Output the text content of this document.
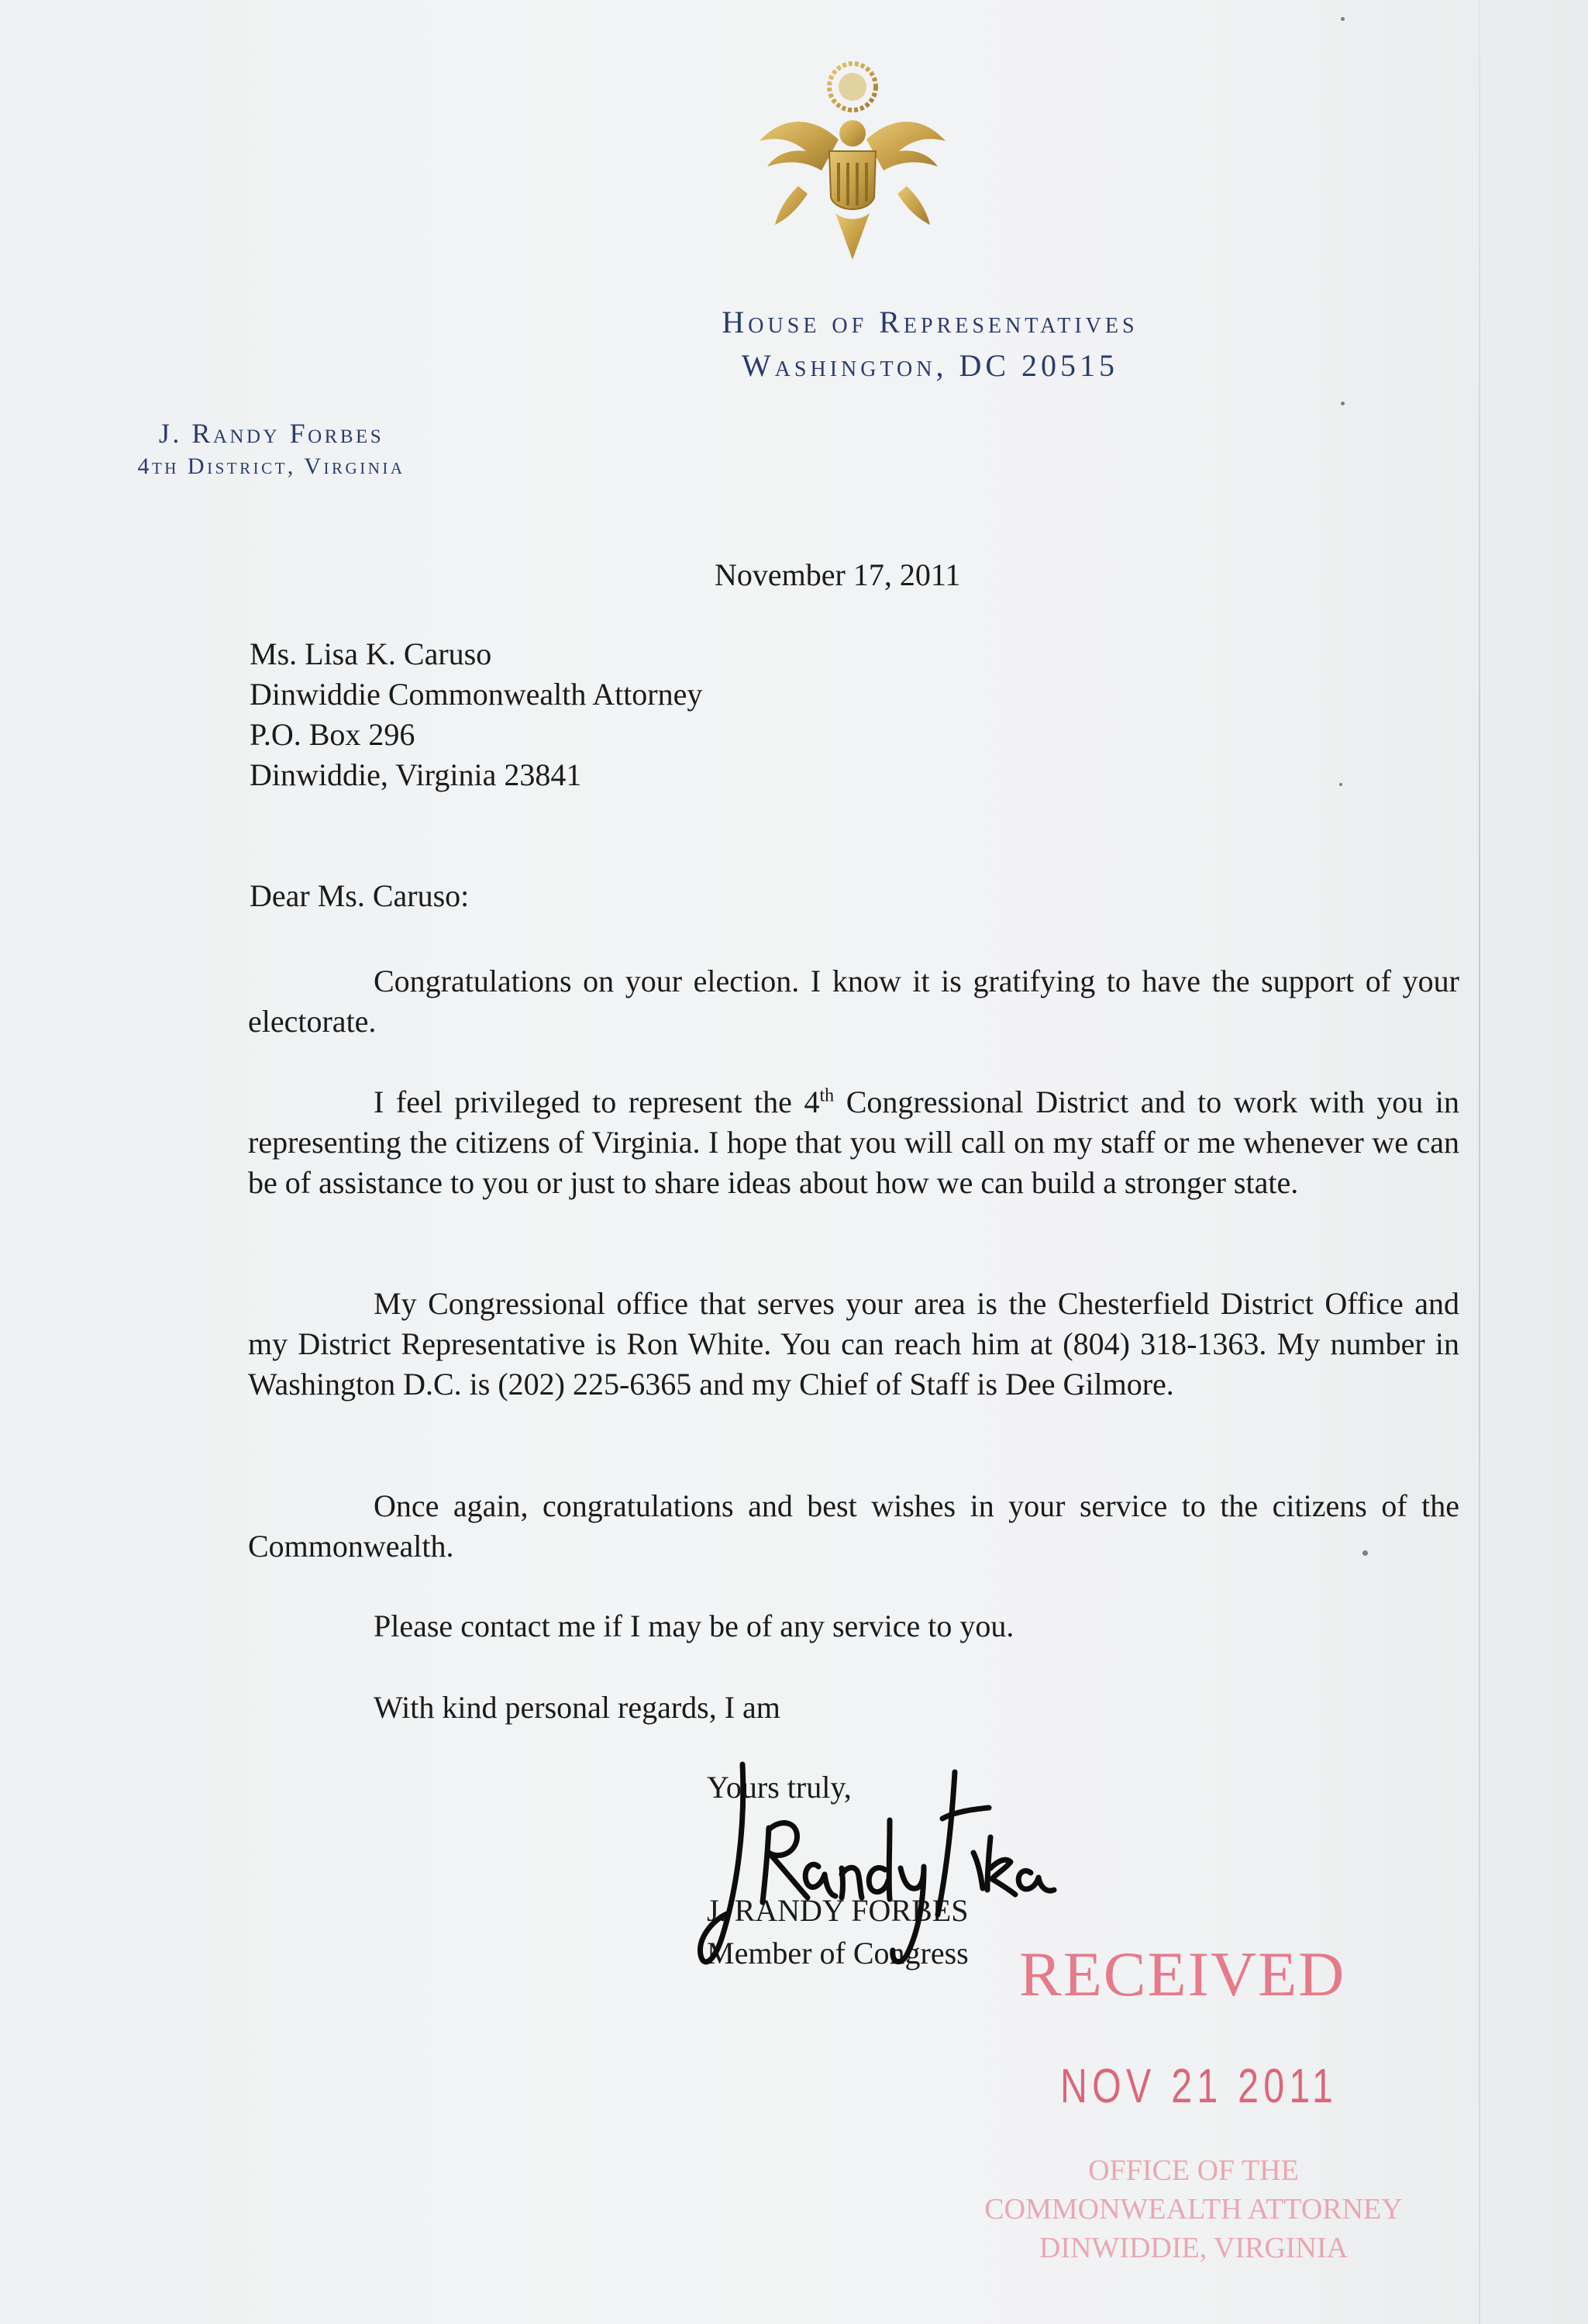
House of Representatives
Washington, DC 20515
J. Randy Forbes
4th District, Virginia
November 17, 2011
Ms. Lisa K. Caruso
Dinwiddie Commonwealth Attorney
P.O. Box 296
Dinwiddie, Virginia 23841
Dear Ms. Caruso:

Congratulations on your election. I know it is gratifying to have the support of your electorate.

I feel privileged to represent the 4th Congressional District and to work with you in representing the citizens of Virginia. I hope that you will call on my staff or me whenever we can be of assistance to you or just to share ideas about how we can build a stronger state.

My Congressional office that serves your area is the Chesterfield District Office and my District Representative is Ron White. You can reach him at (804) 318-1363. My number in Washington D.C. is (202) 225-6365 and my Chief of Staff is Dee Gilmore.

Once again, congratulations and best wishes in your service to the citizens of the Commonwealth.

Please contact me if I may be of any service to you.

With kind personal regards, I am

Yours truly,
J. RANDY FORBES
Member of Congress RECEIVED
NOV 21 2011
OFFICE OF THE
COMMONWEALTH ATTORNEY
DINWIDDIE, VIRGINIA
